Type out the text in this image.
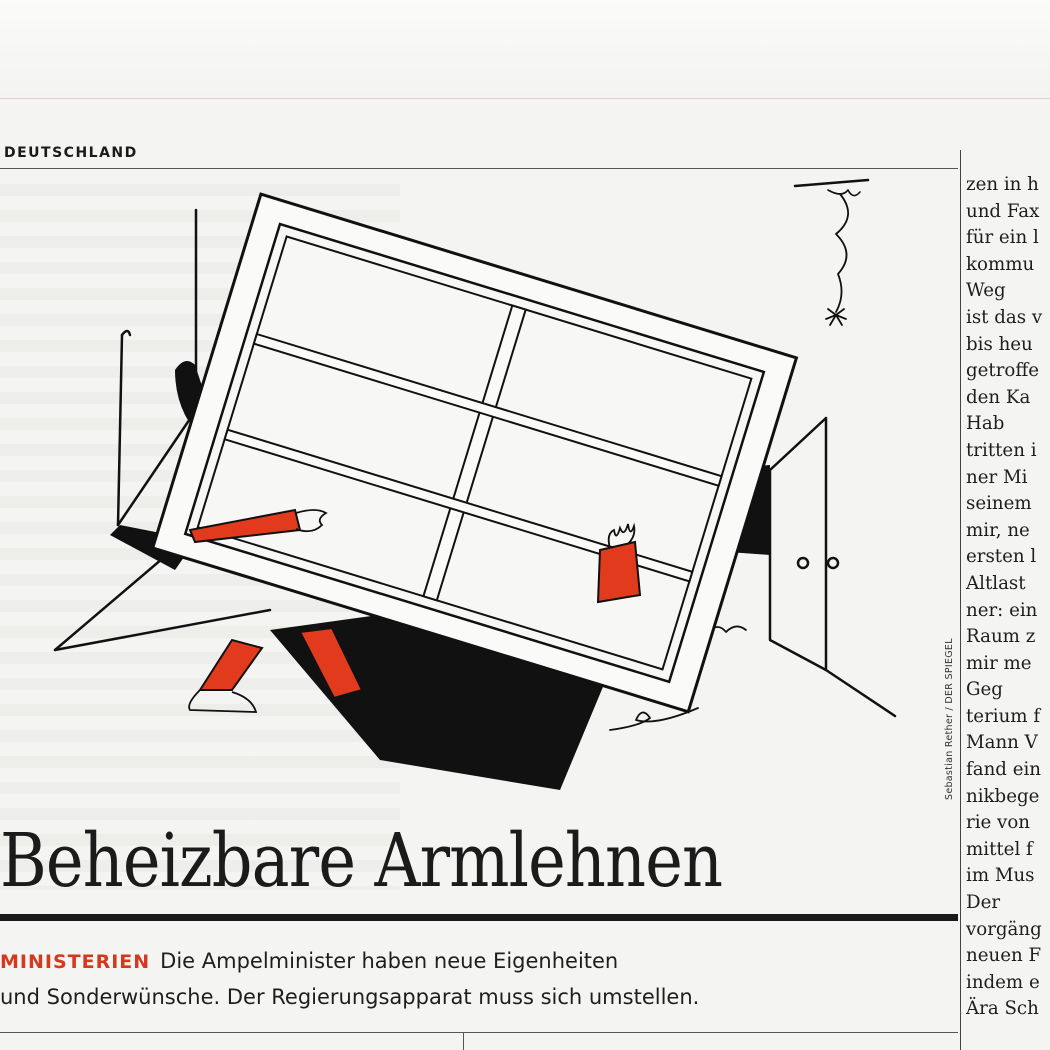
DEUTSCHLAND
Sebastian Rether / DER SPIEGEL
Beheizbare Armlehnen
MINISTERIEN Die Ampelminister haben neue Eigenheiten
und Sonderwünsche. Der Regierungsapparat muss sich umstellen.
zen in h
und Fax
für ein l
kommu
Weg
ist das v
bis heu
getroffe
den Ka
Hab
tritten i
ner Mi
seinem
mir, ne
ersten l
Altlast
ner: ein
Raum z
mir me
Geg
terium f
Mann V
fand ein
nikbege
rie von
mittel f
im Mus
Der
vorgäng
neuen F
indem e
Ära Sch
